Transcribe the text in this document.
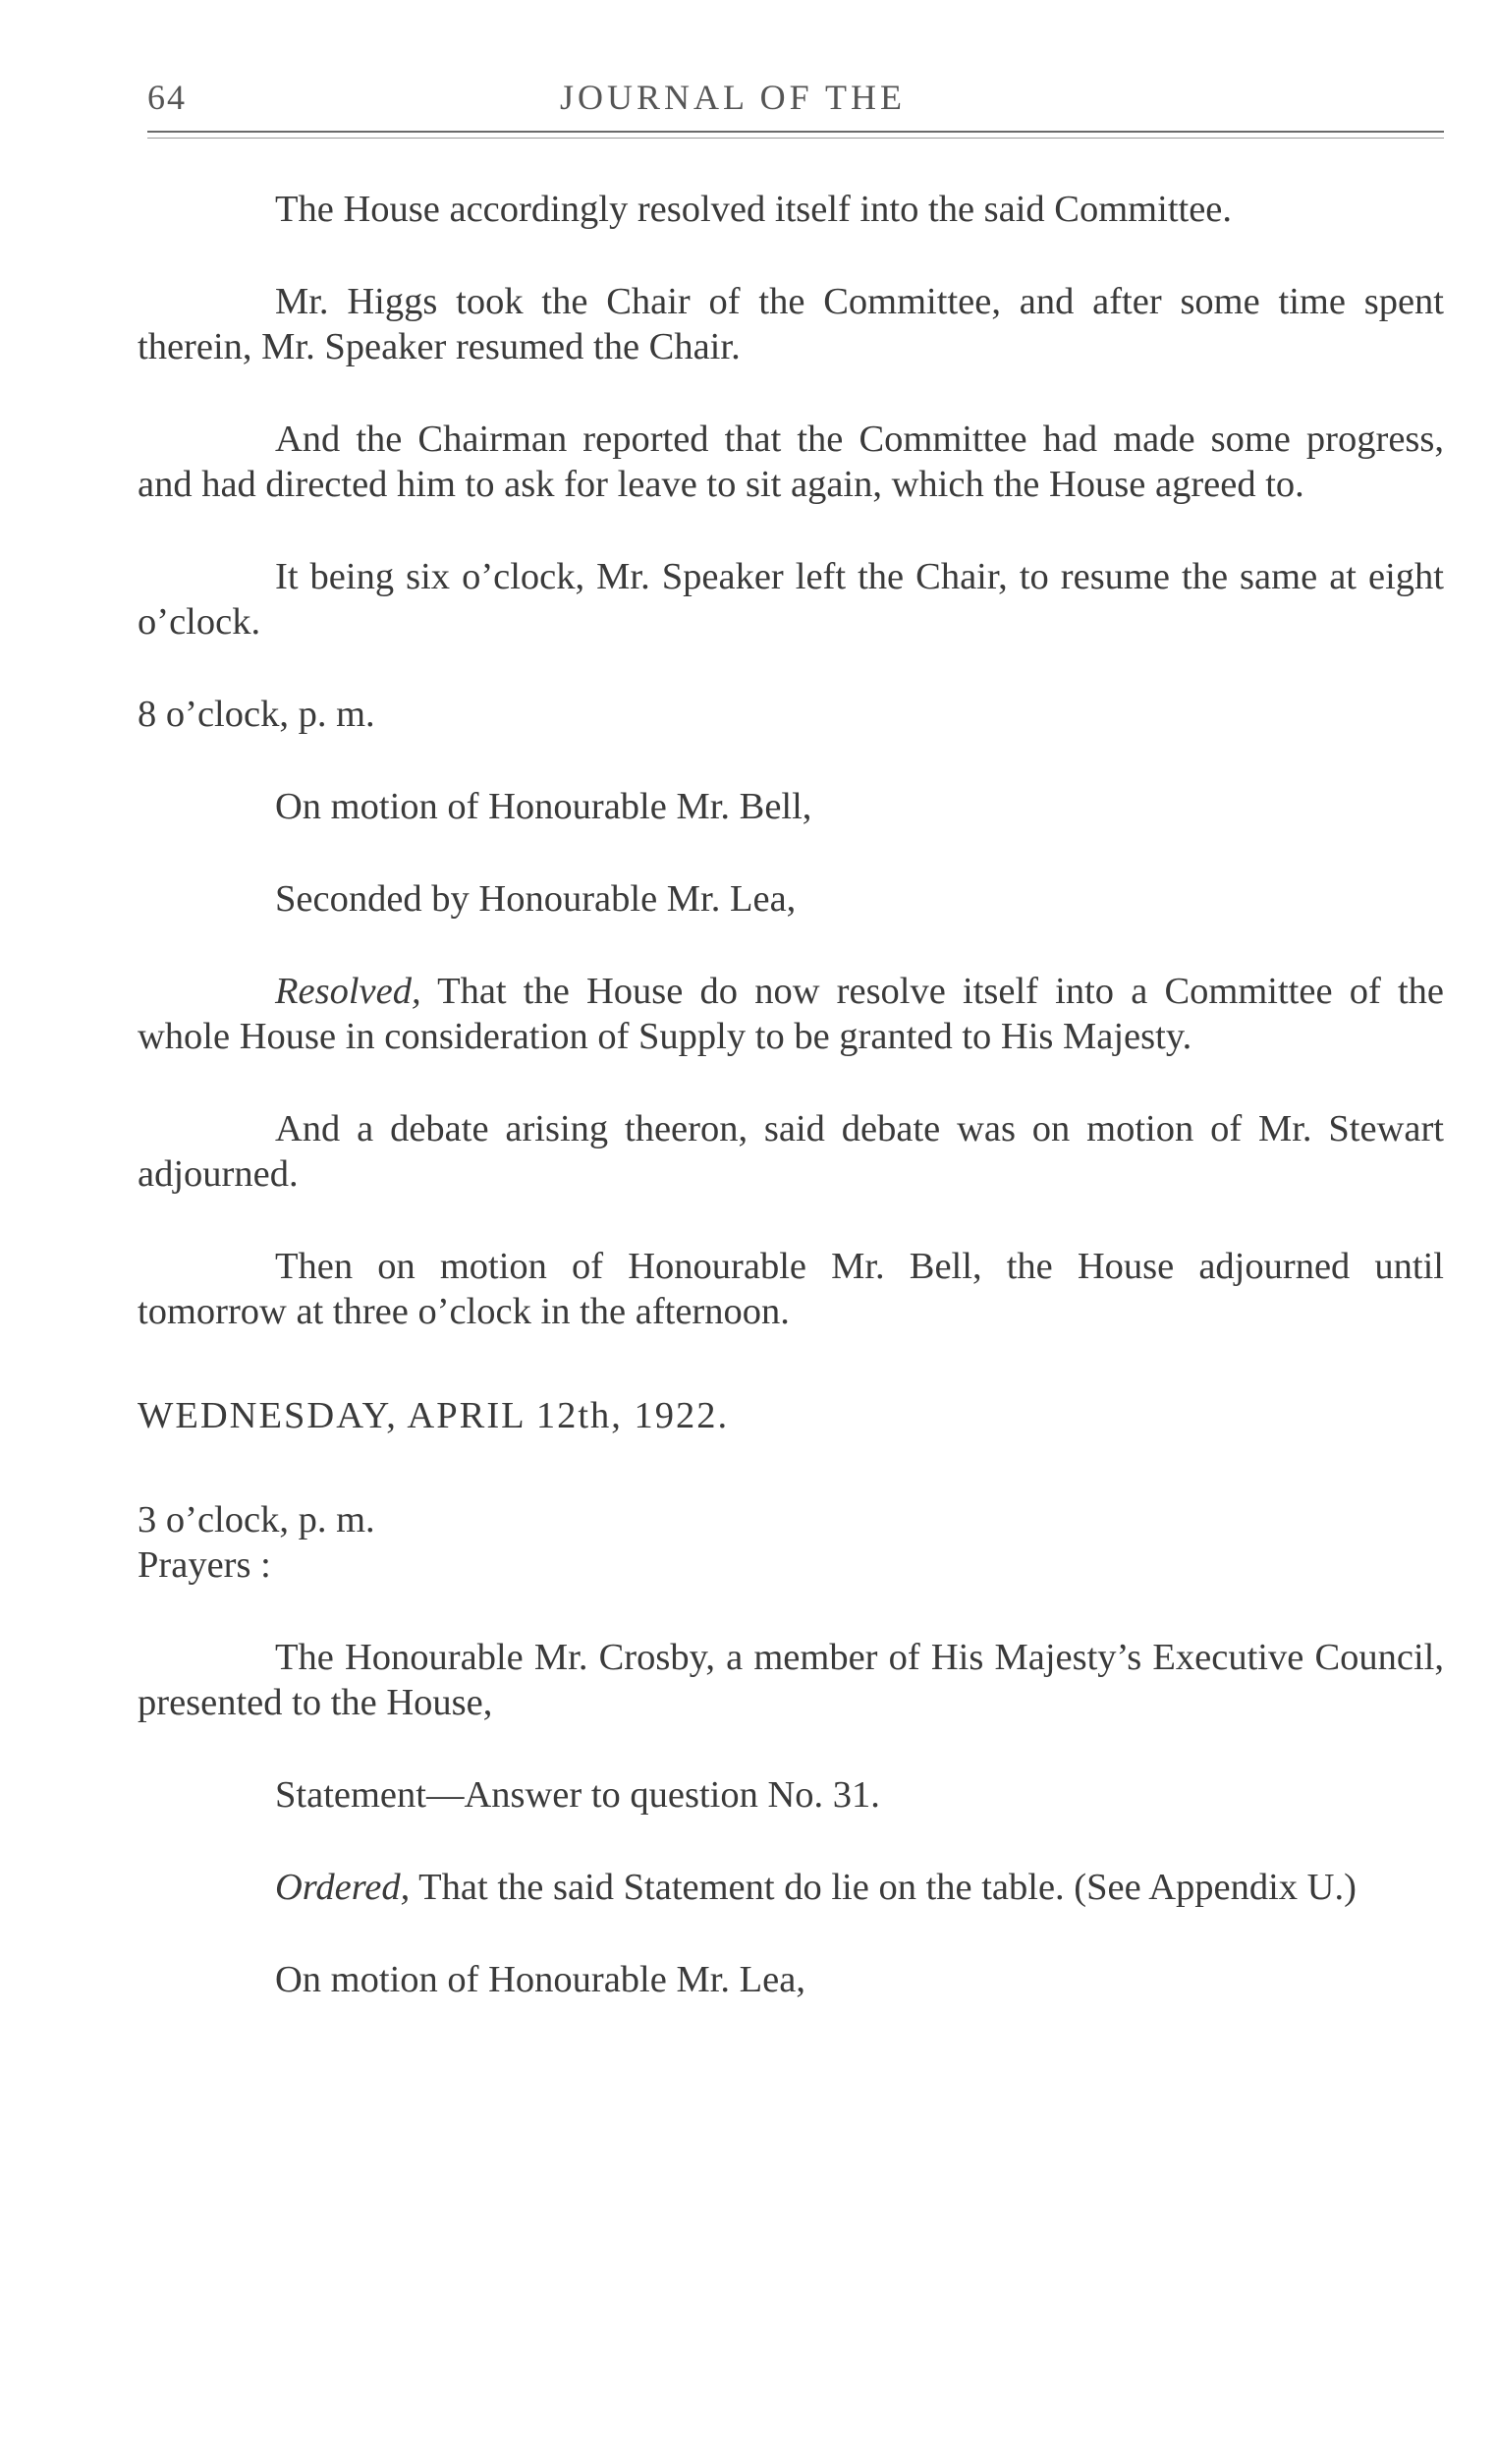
64	JOURNAL OF THE

The House accordingly resolved itself into the said Committee.

Mr. Higgs took the Chair of the Committee, and after some time spent therein, Mr. Speaker resumed the Chair.

And the Chairman reported that the Committee had made some progress, and had directed him to ask for leave to sit again, which the House agreed to.

It being six o’clock, Mr. Speaker left the Chair, to resume the same at eight o’clock.

8 o’clock, p. m.

On motion of Honourable Mr. Bell,

Seconded by Honourable Mr. Lea,

Resolved, That the House do now resolve itself into a Committee of the whole House in consideration of Supply to be granted to His Majesty.

And a debate arising theeron, said debate was on motion of Mr. Stewart adjourned.

Then on motion of Honourable Mr. Bell, the House adjourned until tomorrow at three o’clock in the afternoon.

WEDNESDAY, APRIL 12th, 1922.

3 o’clock, p. m.

Prayers :

The Honourable Mr. Crosby, a member of His Majesty’s Executive Council, presented to the House,

Statement—Answer to question No. 31.

Ordered, That the said Statement do lie on the table. (See Appendix U.)

On motion of Honourable Mr. Lea,
